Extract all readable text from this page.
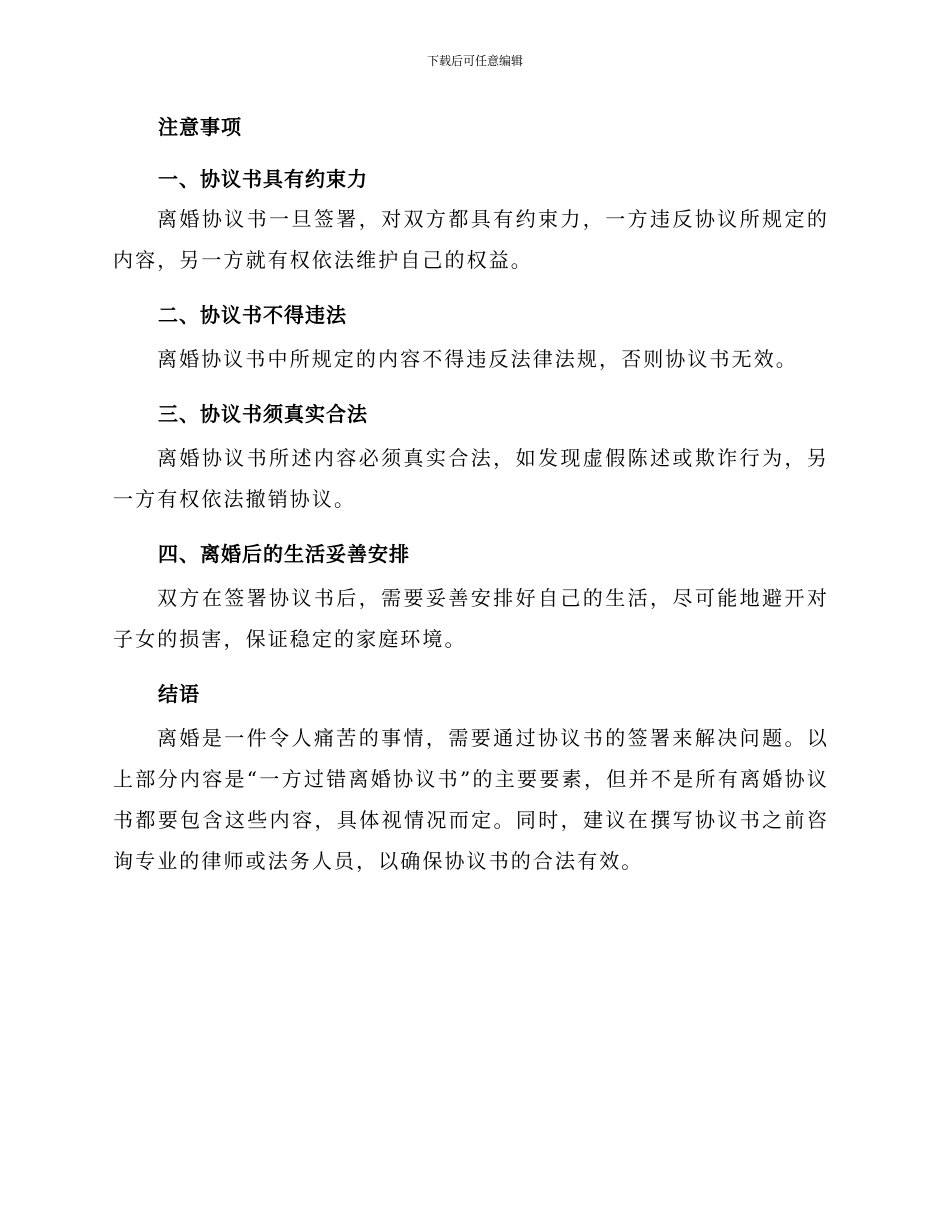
下载后可任意编辑
注意事项
一、协议书具有约束力

离婚协议书一旦签署，对双方都具有约束力，一方违反协议所规定的内容，另一方就有权依法维护自己的权益。

二、协议书不得违法

离婚协议书中所规定的内容不得违反法律法规，否则协议书无效。

三、协议书须真实合法

离婚协议书所述内容必须真实合法，如发现虚假陈述或欺诈行为，另一方有权依法撤销协议。

四、离婚后的生活妥善安排

双方在签署协议书后，需要妥善安排好自己的生活，尽可能地避开对子女的损害，保证稳定的家庭环境。

结语

离婚是一件令人痛苦的事情，需要通过协议书的签署来解决问题。以上部分内容是“一方过错离婚协议书”的主要要素，但并不是所有离婚协议书都要包含这些内容，具体视情况而定。同时，建议在撰写协议书之前咨询专业的律师或法务人员，以确保协议书的合法有效。
